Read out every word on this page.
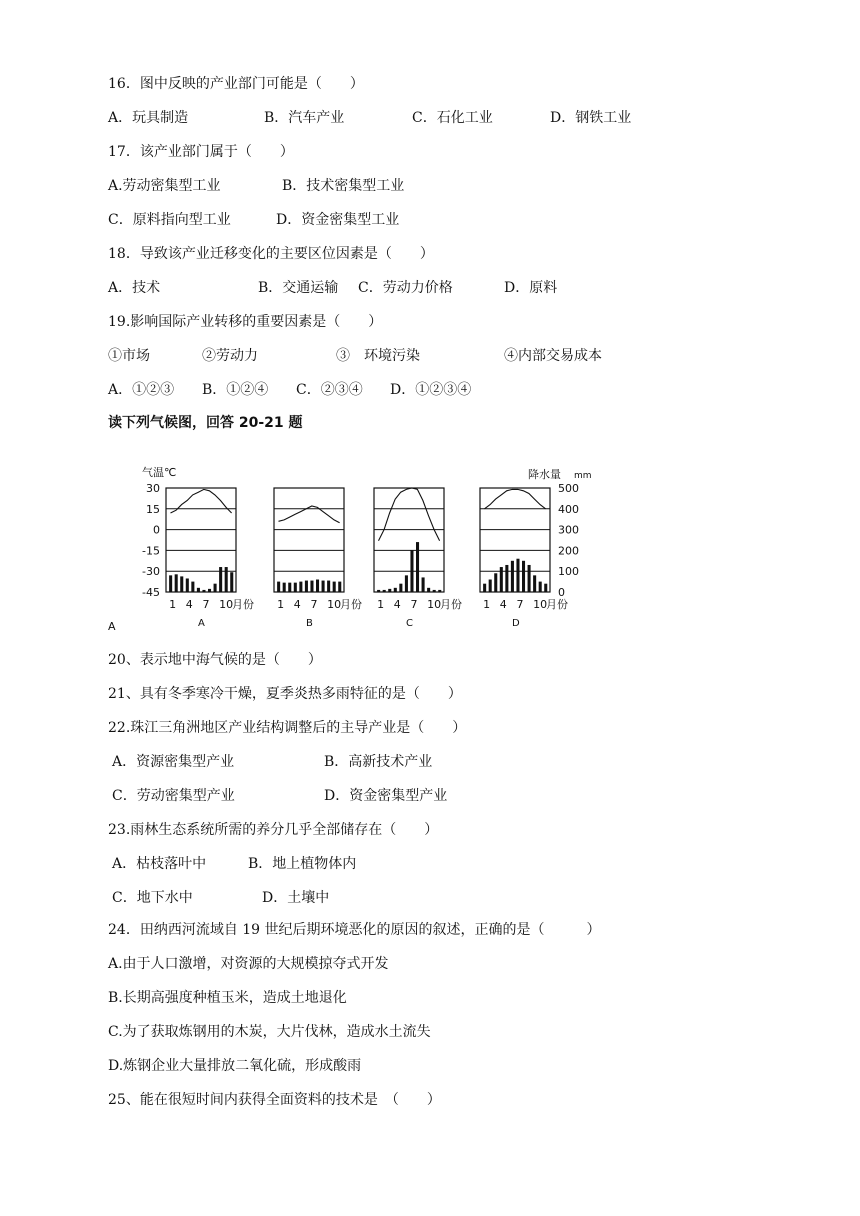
16．图中反映的产业部门可能是（　　）
A．玩具制造	B．汽车产业	C．石化工业	D．钢铁工业
17．该产业部门属于（　　）
A.劳动密集型工业	B．技术密集型工业
C．原料指向型工业	D．资金密集型工业
18．导致该产业迁移变化的主要区位因素是（　　）
A．技术	B．交通运输 C．劳动力价格	D．原料
19.影响国际产业转移的重要因素是（　　）
①市场	②劳动力	③　环境污染	④内部交易成本
A．①②③ B．①②④ C．②③④ D．①②③④
读下列气候图，回答 20-21 题
气温℃	降水量 mm
30
15
0
-15
-30
-45
500
400
300
200
100
0
1 4 7 10
月份
A
1 4 7 10
月份
B
1 4 7 10
月份
C
1 4 7 10
月份
D
A
20、表示地中海气候的是（　　）
21、具有冬季寒冷干燥，夏季炎热多雨特征的是（　　）
22.珠江三角洲地区产业结构调整后的主导产业是（　　）
A．资源密集型产业	B．高新技术产业
C．劳动密集型产业	D．资金密集型产业
23.雨林生态系统所需的养分几乎全部储存在（　　）
A．枯枝落叶中	B．地上植物体内
C．地下水中	D．土壤中
24．田纳西河流域自 19 世纪后期环境恶化的原因的叙述，正确的是（　　　）
A.由于人口激增，对资源的大规模掠夺式开发
B.长期高强度种植玉米，造成土地退化
C.为了获取炼钢用的木炭，大片伐林，造成水土流失
D.炼钢企业大量排放二氧化硫，形成酸雨
25、能在很短时间内获得全面资料的技术是　（　　）
